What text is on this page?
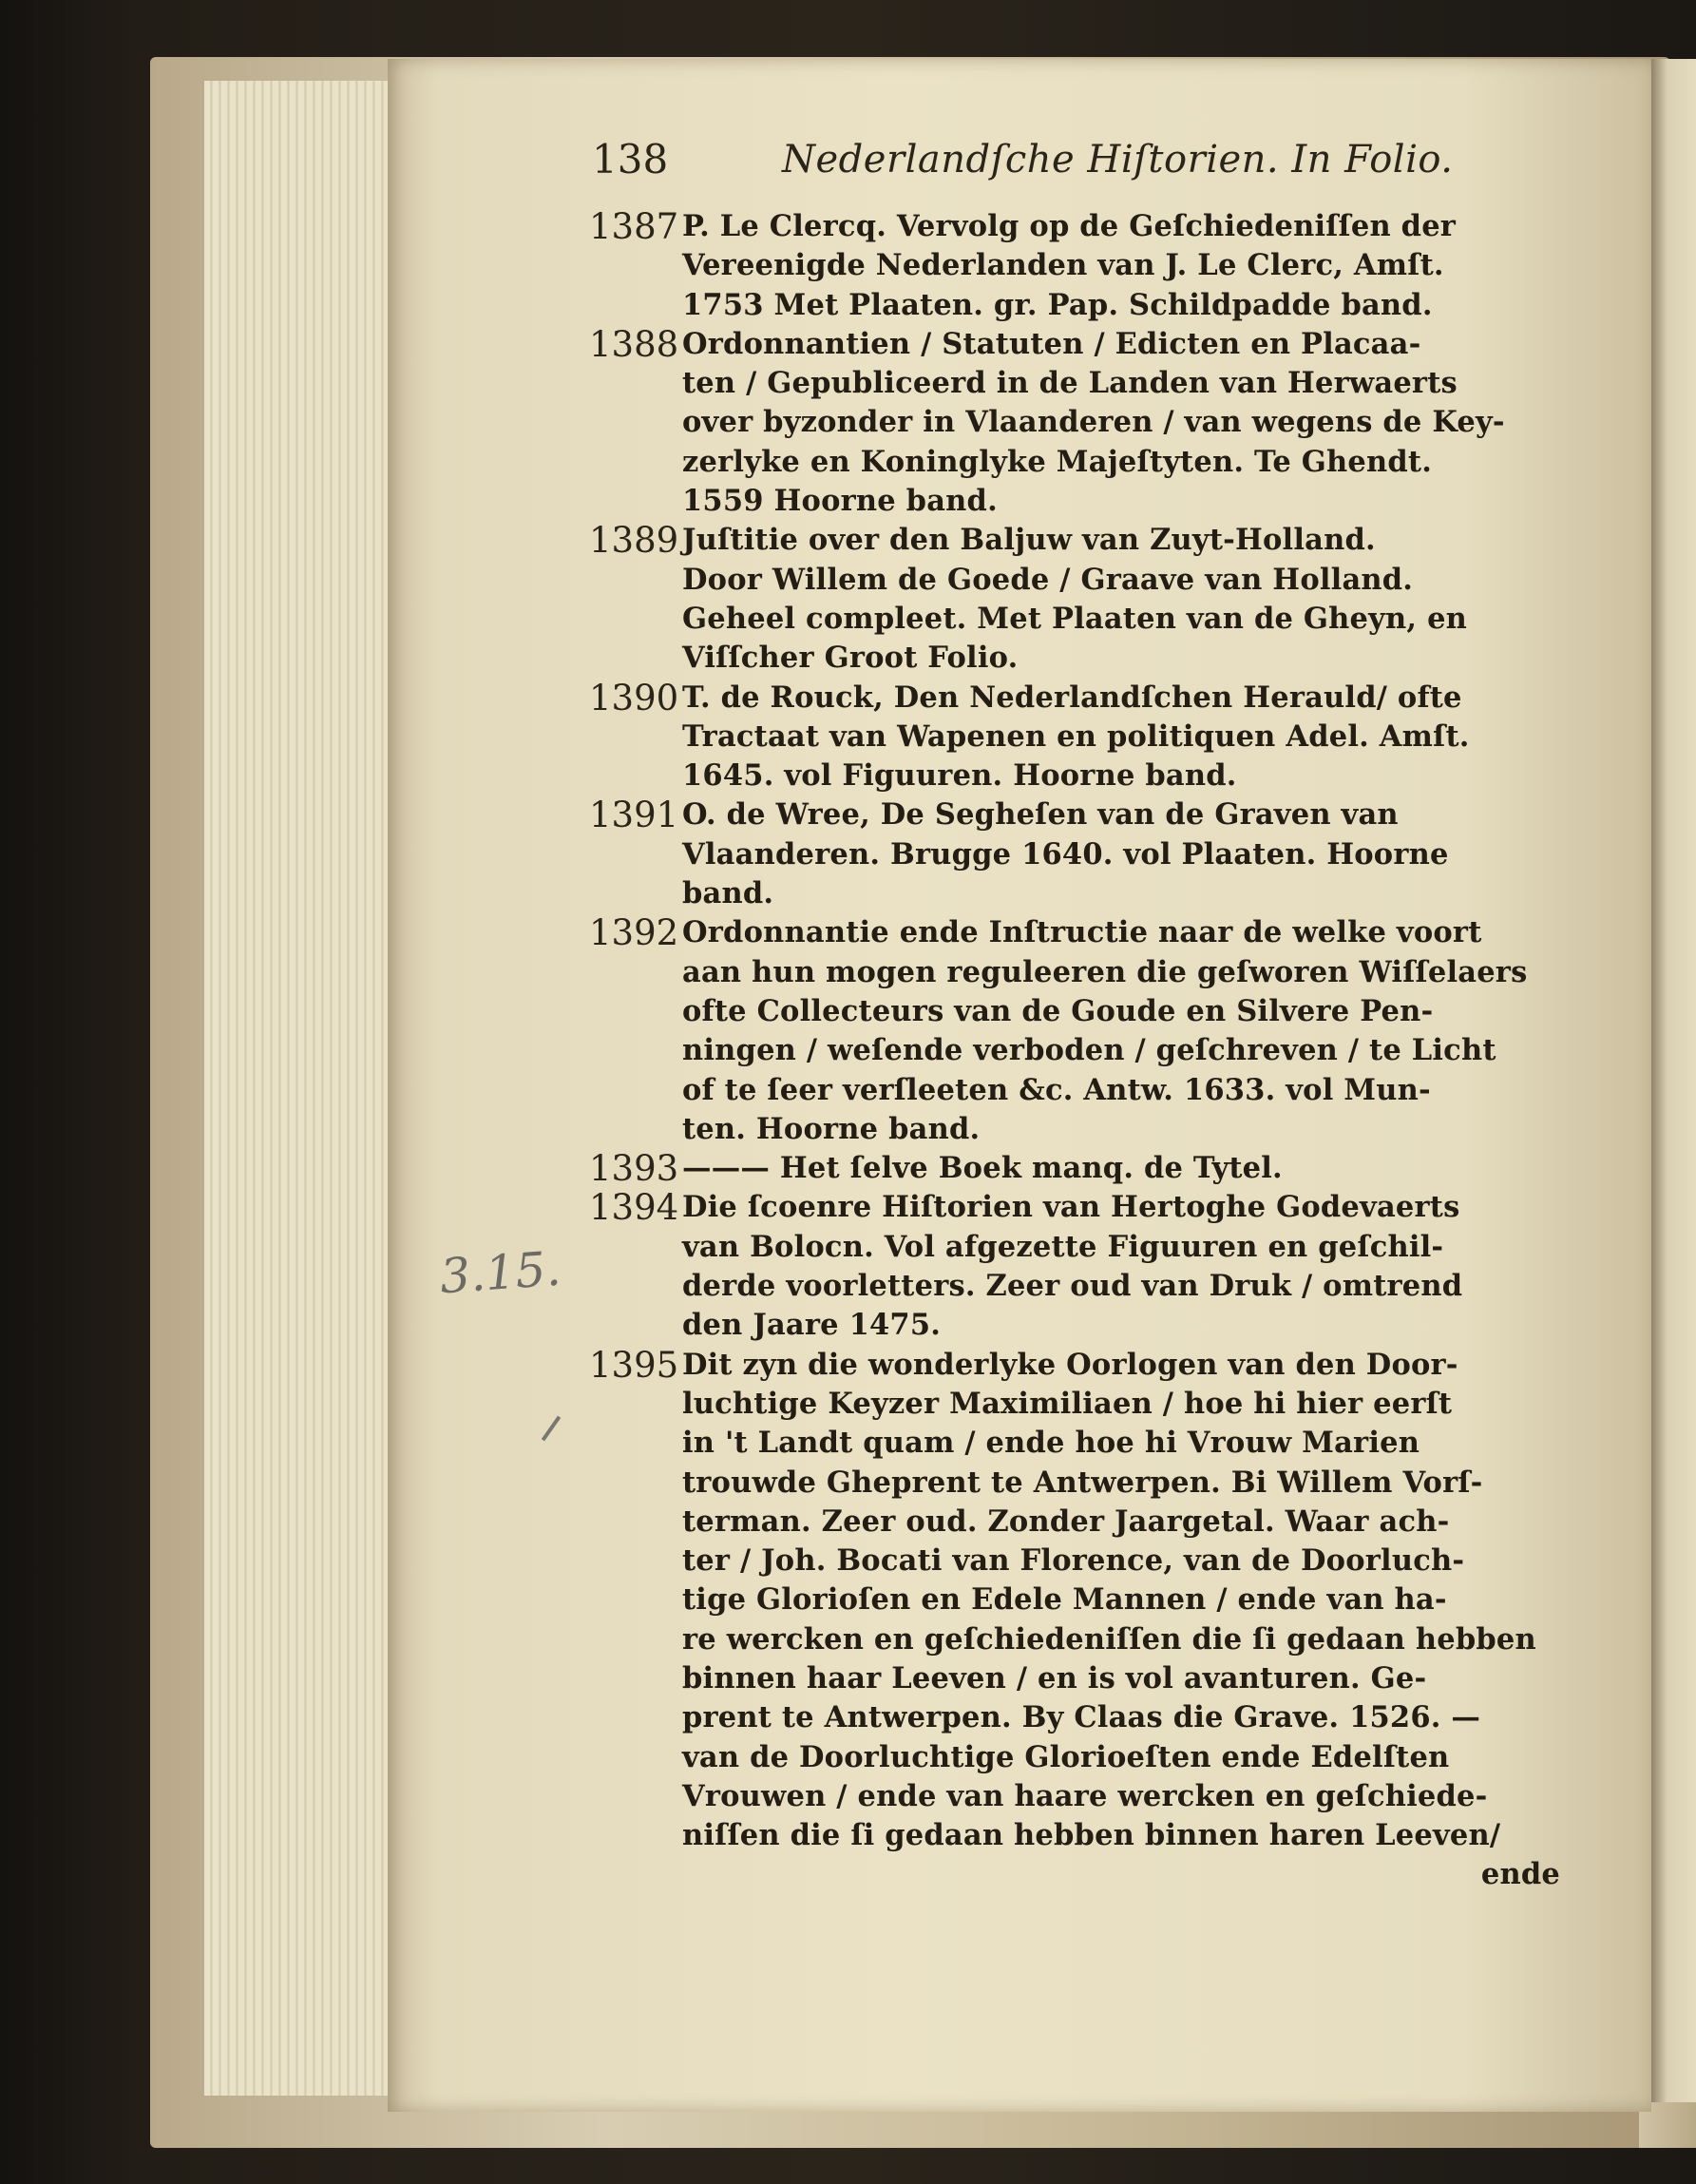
138	Nederlandſche Hiſtorien. In Folio.
1387 P. Le Clercq. Vervolg op de Geſchiedeniſſen der
Vereenigde Nederlanden van J. Le Clerc, Amſt.
1753 Met Plaaten. gr. Pap. Schildpadde band.
1388 Ordonnantien / Statuten / Edicten en Placaa-
ten / Gepubliceerd in de Landen van Herwaerts
over byzonder in Vlaanderen / van wegens de Key-
zerlyke en Koninglyke Majeſtyten. Te Ghendt.
1559 Hoorne band.
1389 Juſtitie over den Baljuw van Zuyt-Holland.
Door Willem de Goede / Graave van Holland.
Geheel compleet. Met Plaaten van de Gheyn, en
Viſſcher Groot Folio.
1390 T. de Rouck, Den Nederlandſchen Herauld/ ofte
Tractaat van Wapenen en politiquen Adel. Amſt.
1645. vol Figuuren. Hoorne band.
1391 O. de Wree, De Segheſen van de Graven van
Vlaanderen. Brugge 1640. vol Plaaten. Hoorne
band.
1392 Ordonnantie ende Inſtructie naar de welke voort
aan hun mogen reguleeren die geſworen Wiſſelaers
ofte Collecteurs van de Goude en Silvere Pen-
ningen / weſende verboden / geſchreven / te Licht
of te ſeer verſleeten &c. Antw. 1633. vol Mun-
ten. Hoorne band.
1393 ——— Het ſelve Boek manq. de Tytel.
1394 Die ſcoenre Hiſtorien van Hertoghe Godevaerts
van Bolocn. Vol afgezette Figuuren en geſchil-
derde voorletters. Zeer oud van Druk / omtrend
den Jaare 1475.
1395 Dit zyn die wonderlyke Oorlogen van den Door-
luchtige Keyzer Maximiliaen / hoe hi hier eerſt
in 't Landt quam / ende hoe hi Vrouw Marien
trouwde Gheprent te Antwerpen. Bi Willem Vorſ-
terman. Zeer oud. Zonder Jaargetal. Waar ach-
ter / Joh. Bocati van Florence, van de Doorluch-
tige Glorioſen en Edele Mannen / ende van ha-
re wercken en geſchiedeniſſen die ſi gedaan hebben
binnen haar Leeven / en is vol avanturen. Ge-
prent te Antwerpen. By Claas die Grave. 1526. —
van de Doorluchtige Glorioeſten ende Edelſten
Vrouwen / ende van haare wercken en geſchiede-
niſſen die ſi gedaan hebben binnen haren Leeven/
ende
3.15.
